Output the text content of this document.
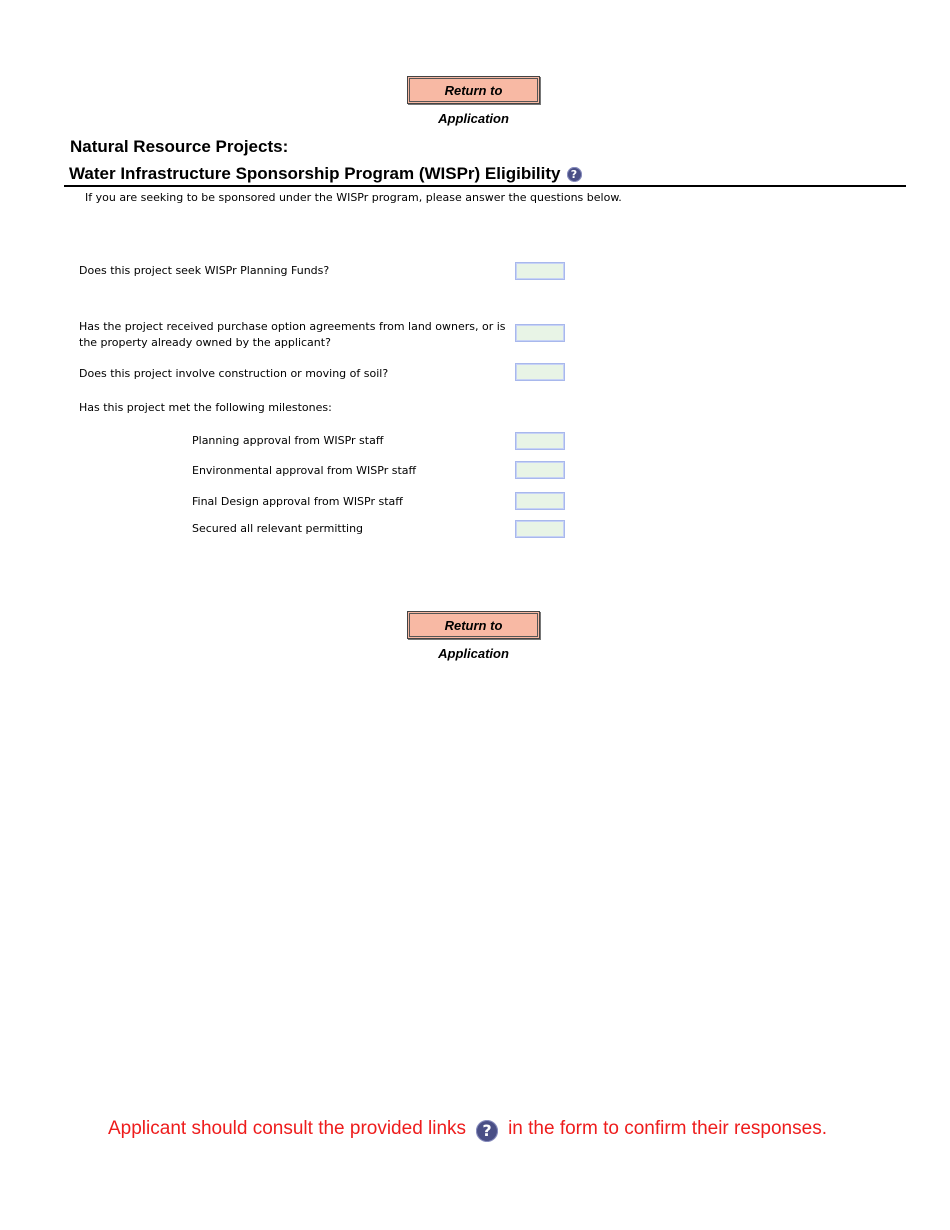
Return to Application
Natural Resource Projects:
Water Infrastructure Sponsorship Program (WISPr) Eligibility ?
If you are seeking to be sponsored under the WISPr program, please answer the questions below.
Does this project seek WISPr Planning Funds?
Has the project received purchase option agreements from land owners, or is the property already owned by the applicant?
Does this project involve construction or moving of soil?
Has this project met the following milestones:
Planning approval from WISPr staff
Environmental approval from WISPr staff
Final Design approval from WISPr staff
Secured all relevant permitting
Return to Application
Applicant should consult the provided links ? in the form to confirm their responses.
